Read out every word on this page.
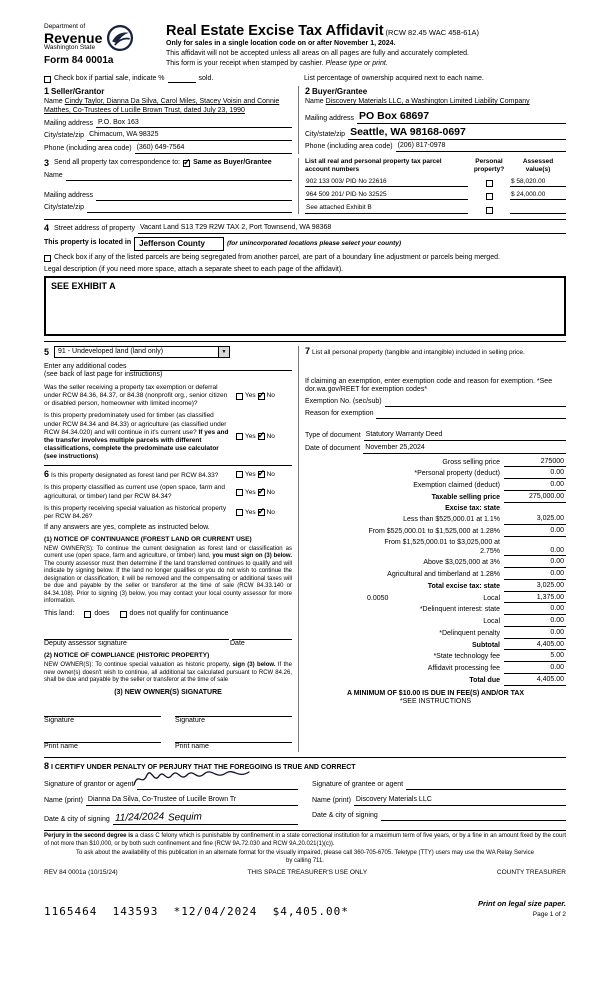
Department of
Revenue
Washington State
Form 84 0001a
Real Estate Excise Tax Affidavit (RCW 82.45 WAC 458-61A)
Only for sales in a single location code on or after November 1, 2024.
This affidavit will not be accepted unless all areas on all pages are fully and accurately completed.
This form is your receipt when stamped by cashier. Please type or print.
Check box if partial sale, indicate %	sold.	List percentage of ownership acquired next to each name.
1 Seller/Grantor
Name Cindy Taylor, Dianna Da Silva, Carol Miles, Stacey Voisin and Connie Matthes, Co-Trustees of Lucille Brown Trust, dated July 23, 1990
Mailing address P.O. Box 163
City/state/zip Chimacum, WA 98325
Phone (including area code) (360) 649-7564
2 Buyer/Grantee
Name Discovery Materials LLC, a Washington Limited Liability Company
Mailing address PO Box 68697
City/state/zip Seattle, WA 98168-0697
Phone (including area code) (206) 817-0978
3 Send all property tax correspondence to: ✓ Same as Buyer/Grantee
Name
Mailing address
City/state/zip
List all real and personal property tax parcel account numbers
Personal property?
Assessed value(s)
902 133 003/ PID No 22616	$ 58,020.00
964 509 201/ PID No 32525	$ 24,000.00
See attached Exhibit B
4 Street address of property Vacant Land S13 T29 R2W TAX 2, Port Townsend, WA 98368
This property is located in	Jefferson County	(for unincorporated locations please select your county)
Check box if any of the listed parcels are being segregated from another parcel, are part of a boundary line adjustment or parcels being merged.
Legal description (if you need more space, attach a separate sheet to each page of the affidavit).
SEE EXHIBIT A
5 91 - Undeveloped land (land only)	▼
Enter any additional codes
(see back of last page for instructions)
Was the seller receiving a property tax exemption or deferral under RCW 84.36, 84.37, or 84.38 (nonprofit org., senior citizen or disabled person, homeowner with limited income)?
Yes ✓ No
Is this property predominately used for timber (as classified under RCW 84.34 and 84.33) or agriculture (as classified under RCW 84.34.020) and will continue in it's current use? If yes and the transfer involves multiple parcels with different classifications, complete the predominate use calculator (see instructions)
Yes ✓ No
6 Is this property designated as forest land per RCW 84.33?	Yes ✓ No
Is this property classified as current use (open space, farm and agricultural, or timber) land per RCW 84.34?
Yes ✓ No
Is this property receiving special valuation as historical property per RCW 84.26?
Yes ✓ No
If any answers are yes, complete as instructed below.
(1) NOTICE OF CONTINUANCE (FOREST LAND OR CURRENT USE)
NEW OWNER(S): To continue the current designation as forest land or classification as current use (open space, farm and agriculture, or timber) land, you must sign on (3) below. The county assessor must then determine if the land transferred continues to qualify and will indicate by signing below. If the land no longer qualifies or you do not wish to continue the designation or classification, it will be removed and the compensating or additional taxes will be due and payable by the seller or transferor at the time of sale (RCW 84.33.140 or 84.34.108). Prior to signing (3) below, you may contact your local county assessor for more information.
This land:	does	does not qualify for continuance
Deputy assessor signature	Date
(2) NOTICE OF COMPLIANCE (HISTORIC PROPERTY)
NEW OWNER(S): To continue special valuation as historic property, sign (3) below. If the new owner(s) doesn't wish to continue, all additional tax calculated pursuant to RCW 84.26, shall be due and payable by the seller or transferor at the time of sale
(3) NEW OWNER(S) SIGNATURE
Signature	Signature
Print name	Print name
7 List all personal property (tangible and intangible) included in selling price.
If claiming an exemption, enter exemption code and reason for exemption. *See dor.wa.gov/REET for exemption codes*
Exemption No. (sec/sub)
Reason for exemption
Type of document Statutory Warranty Deed
Date of document November 25,2024
Gross selling price	275000
*Personal property (deduct)	0.00
Exemption claimed (deduct)	0.00
Taxable selling price	275,000.00
Excise tax: state
Less than $525,000.01 at 1.1%	3,025.00
From $525,000.01 to $1,525,000 at 1.28%	0.00
From $1,525,000.01 to $3,025,000 at 2.75%	0.00
Above $3,025,000 at 3%	0.00
Agricultural and timberland at 1.28%	0.00
Total excise tax: state	3,025.00
0.0050	Local	1,375.00
*Delinquent interest: state	0.00
Local	0.00
*Delinquent penalty	0.00
Subtotal	4,405.00
*State technology fee	5.00
Affidavit processing fee	0.00
Total due	4,405.00
A MINIMUM OF $10.00 IS DUE IN FEE(S) AND/OR TAX
*SEE INSTRUCTIONS
8 I CERTIFY UNDER PENALTY OF PERJURY THAT THE FOREGOING IS TRUE AND CORRECT
Signature of grantor or agent
Name (print) Dianna Da Silva, Co-Trustee of Lucille Brown Tr
Date & city of signing 11/24/2024 Sequim
Signature of grantee or agent
Name (print) Discovery Materials LLC
Date & city of signing
Perjury in the second degree is a class C felony which is punishable by confinement in a state correctional institution for a maximum term of five years, or by a fine in an amount fixed by the court of not more than $10,000, or by both such confinement and fine (RCW 9A.72.030 and RCW 9A.20.021(1)(c)).
To ask about the availability of this publication in an alternate format for the visually impaired, please call 360-705-6705. Teletype (TTY) users may use the WA Relay Service by calling 711.
REV 84 0001a (10/15/24)	THIS SPACE TREASURER'S USE ONLY	COUNTY TREASURER
1165464  143593  *12/04/2024  $4,405.00*
Print on legal size paper.
Page 1 of 2
